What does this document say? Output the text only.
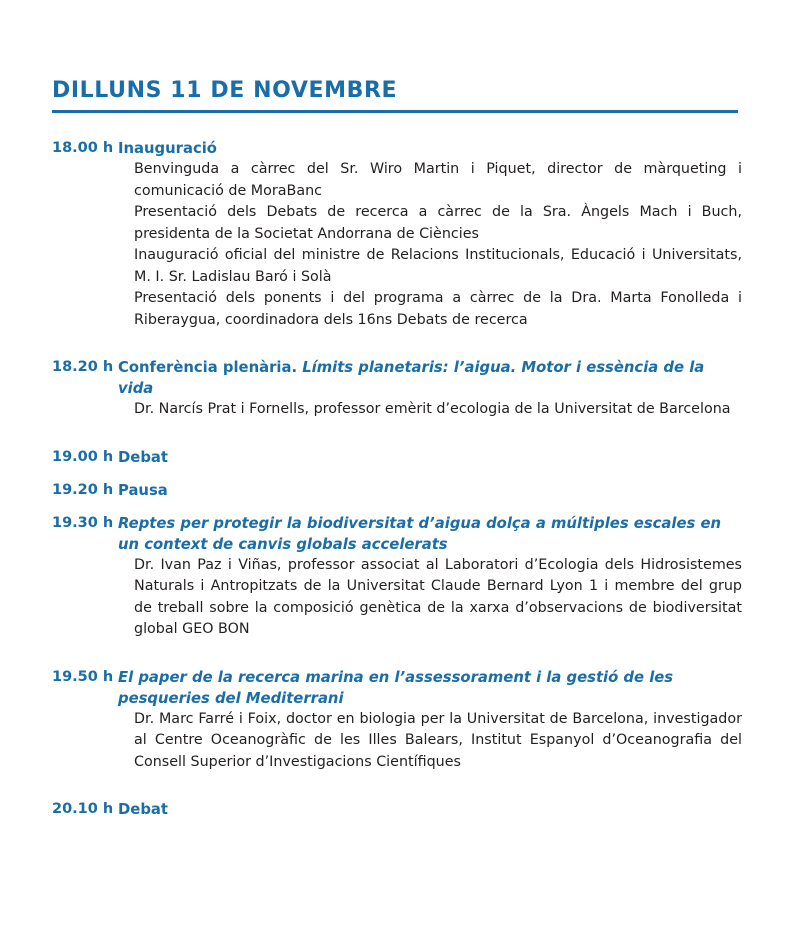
DILLUNS 11 DE NOVEMBRE
18.00 h Inauguració

Benvinguda a càrrec del Sr. Wiro Martin i Piquet, director de màrqueting i comunicació de MoraBanc

Presentació dels Debats de recerca a càrrec de la Sra. Àngels Mach i Buch, presidenta de la Societat Andorrana de Ciències

Inauguració oficial del ministre de Relacions Institucionals, Educació i Universitats, M. I. Sr. Ladislau Baró i Solà

Presentació dels ponents i del programa a càrrec de la Dra. Marta Fonolleda i Riberaygua, coordinadora dels 16ns Debats de recerca

18.20 h Conferència plenària. Límits planetaris: l’aigua. Motor i essència de la vida

Dr. Narcís Prat i Fornells, professor emèrit d’ecologia de la Universitat de Barcelona

19.00 h Debat

19.20 h Pausa

19.30 h Reptes per protegir la biodiversitat d’aigua dolça a múltiples escales en un context de canvis globals accelerats

Dr. Ivan Paz i Viñas, professor associat al Laboratori d’Ecologia dels Hidrosistemes Naturals i Antropitzats de la Universitat Claude Bernard Lyon 1 i membre del grup de treball sobre la composició genètica de la xarxa d’observacions de biodiversitat global GEO BON

19.50 h El paper de la recerca marina en l’assessorament i la gestió de les pesqueries del Mediterrani

Dr. Marc Farré i Foix, doctor en biologia per la Universitat de Barcelona, investigador al Centre Oceanogràfic de les Illes Balears, Institut Espanyol d’Oceanografia del Consell Superior d’Investigacions Científiques

20.10 h Debat
